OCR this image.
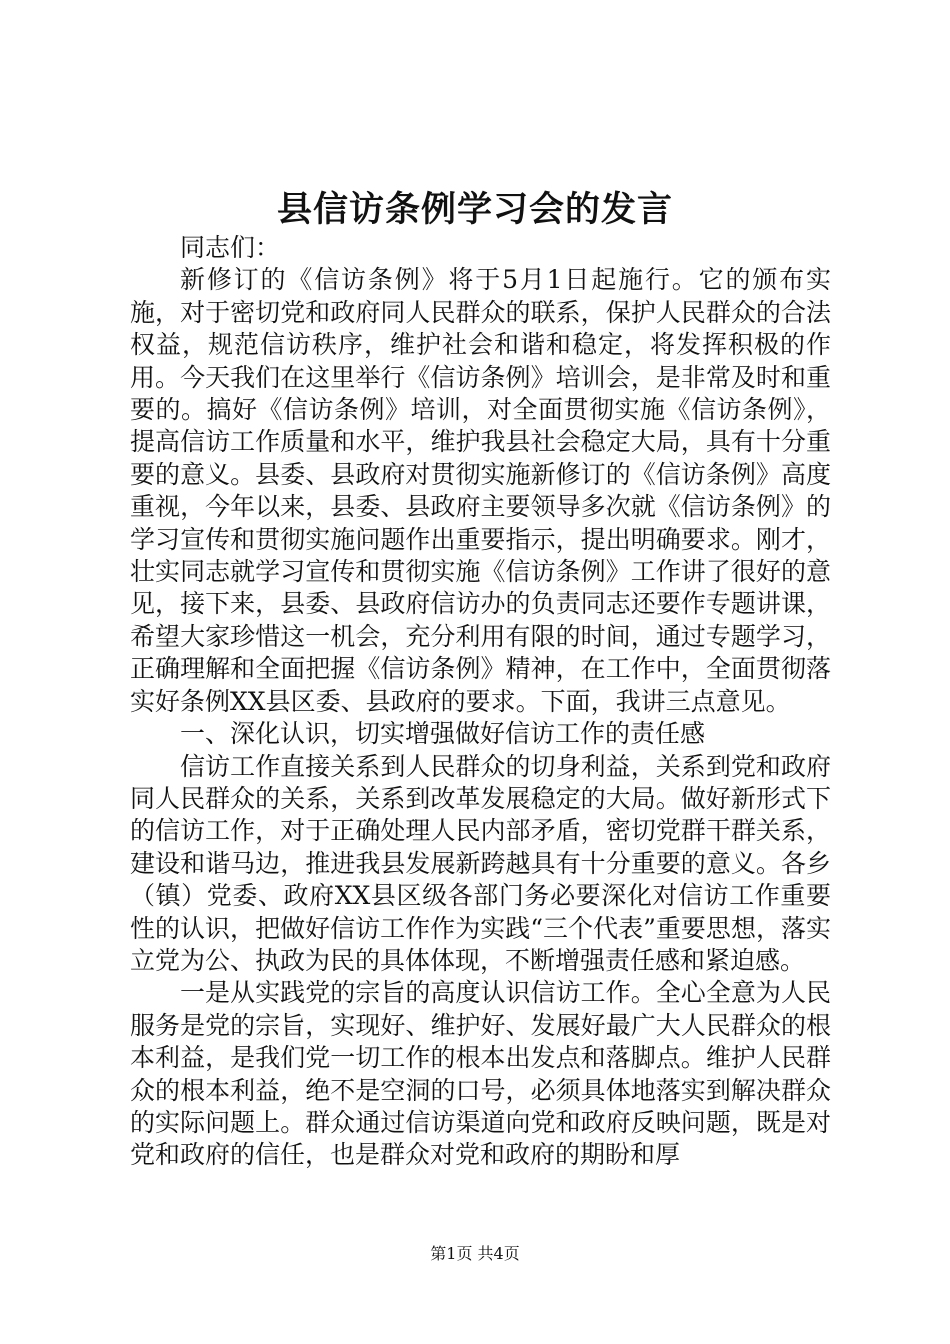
县信访条例学习会的发言

同志们：

新修订的《信访条例》将于5月1日起施行。它的颁布实施，对于密切党和政府同人民群众的联系，保护人民群众的合法权益，规范信访秩序，维护社会和谐和稳定，将发挥积极的作用。今天我们在这里举行《信访条例》培训会，是非常及时和重要的。搞好《信访条例》培训，对全面贯彻实施《信访条例》，提高信访工作质量和水平，维护我县社会稳定大局，具有十分重要的意义。县委、县政府对贯彻实施新修订的《信访条例》高度重视，今年以来，县委、县政府主要领导多次就《信访条例》的学习宣传和贯彻实施问题作出重要指示，提出明确要求。刚才，壮实同志就学习宣传和贯彻实施《信访条例》工作讲了很好的意见，接下来，县委、县政府信访办的负责同志还要作专题讲课，希望大家珍惜这一机会，充分利用有限的时间，通过专题学习，正确理解和全面把握《信访条例》精神，在工作中，全面贯彻落实好条例XX县区委、县政府的要求。下面，我讲三点意见。

一、深化认识，切实增强做好信访工作的责任感

信访工作直接关系到人民群众的切身利益，关系到党和政府同人民群众的关系，关系到改革发展稳定的大局。做好新形式下的信访工作，对于正确处理人民内部矛盾，密切党群干群关系，建设和谐马边，推进我县发展新跨越具有十分重要的意义。各乡（镇）党委、政府XX县区级各部门务必要深化对信访工作重要性的认识，把做好信访工作作为实践“三个代表”重要思想，落实立党为公、执政为民的具体体现，不断增强责任感和紧迫感。

一是从实践党的宗旨的高度认识信访工作。全心全意为人民服务是党的宗旨，实现好、维护好、发展好最广大人民群众的根本利益，是我们党一切工作的根本出发点和落脚点。维护人民群众的根本利益，绝不是空洞的口号，必须具体地落实到解决群众的实际问题上。群众通过信访渠道向党和政府反映问题，既是对党和政府的信任，也是群众对党和政府的期盼和厚

第1页 共4页
